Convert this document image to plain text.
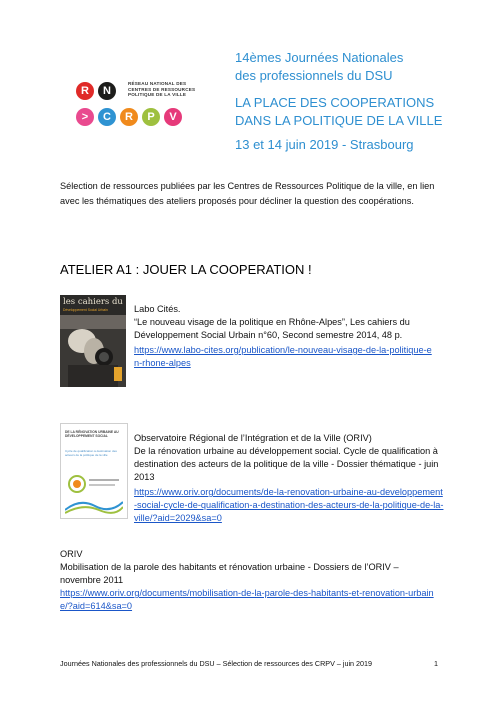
R	N
RÉSEAU NATIONAL DES CENTRES DE RESSOURCES POLITIQUE DE LA VILLE
>	C	R	P	V
14èmes Journées Nationales
des professionnels du DSU
LA PLACE DES COOPERATIONS
DANS LA POLITIQUE DE LA VILLE
13 et 14 juin 2019 - Strasbourg
Sélection de ressources publiées par les Centres de Ressources Politique de la ville, en lien avec les thématiques des ateliers proposés pour décliner la question des coopérations.
ATELIER A1 : JOUER LA COOPERATION !
les cahiers du
Développement Social Urbain	Labo Cités.
“Le nouveau visage de la politique en Rhône-Alpes”, Les cahiers du Développement Social Urbain n°60, Second semestre 2014, 48 p.
https://www.labo-cites.org/publication/le-nouveau-visage-de-la-politique-en-rhone-alpes
DE LA RÉNOVATION URBAINE AU DÉVELOPPEMENT SOCIAL
Cycle de qualification à destination des acteurs de la politique de la ville
Observatoire Régional de l’Intégration et de la Ville (ORIV)
De la rénovation urbaine au développement social. Cycle de qualification à destination des acteurs de la politique de la ville - Dossier thématique - juin 2013
https://www.oriv.org/documents/de-la-renovation-urbaine-au-developpement-social-cycle-de-qualification-a-destination-des-acteurs-de-la-politique-de-la-ville/?aid=2029&sa=0
ORIV
Mobilisation de la parole des habitants et rénovation urbaine - Dossiers de l’ORIV – novembre 2011
https://www.oriv.org/documents/mobilisation-de-la-parole-des-habitants-et-renovation-urbaine/?aid=614&sa=0
Journées Nationales des professionnels du DSU – Sélection de ressources des CRPV – juin 2019	1
